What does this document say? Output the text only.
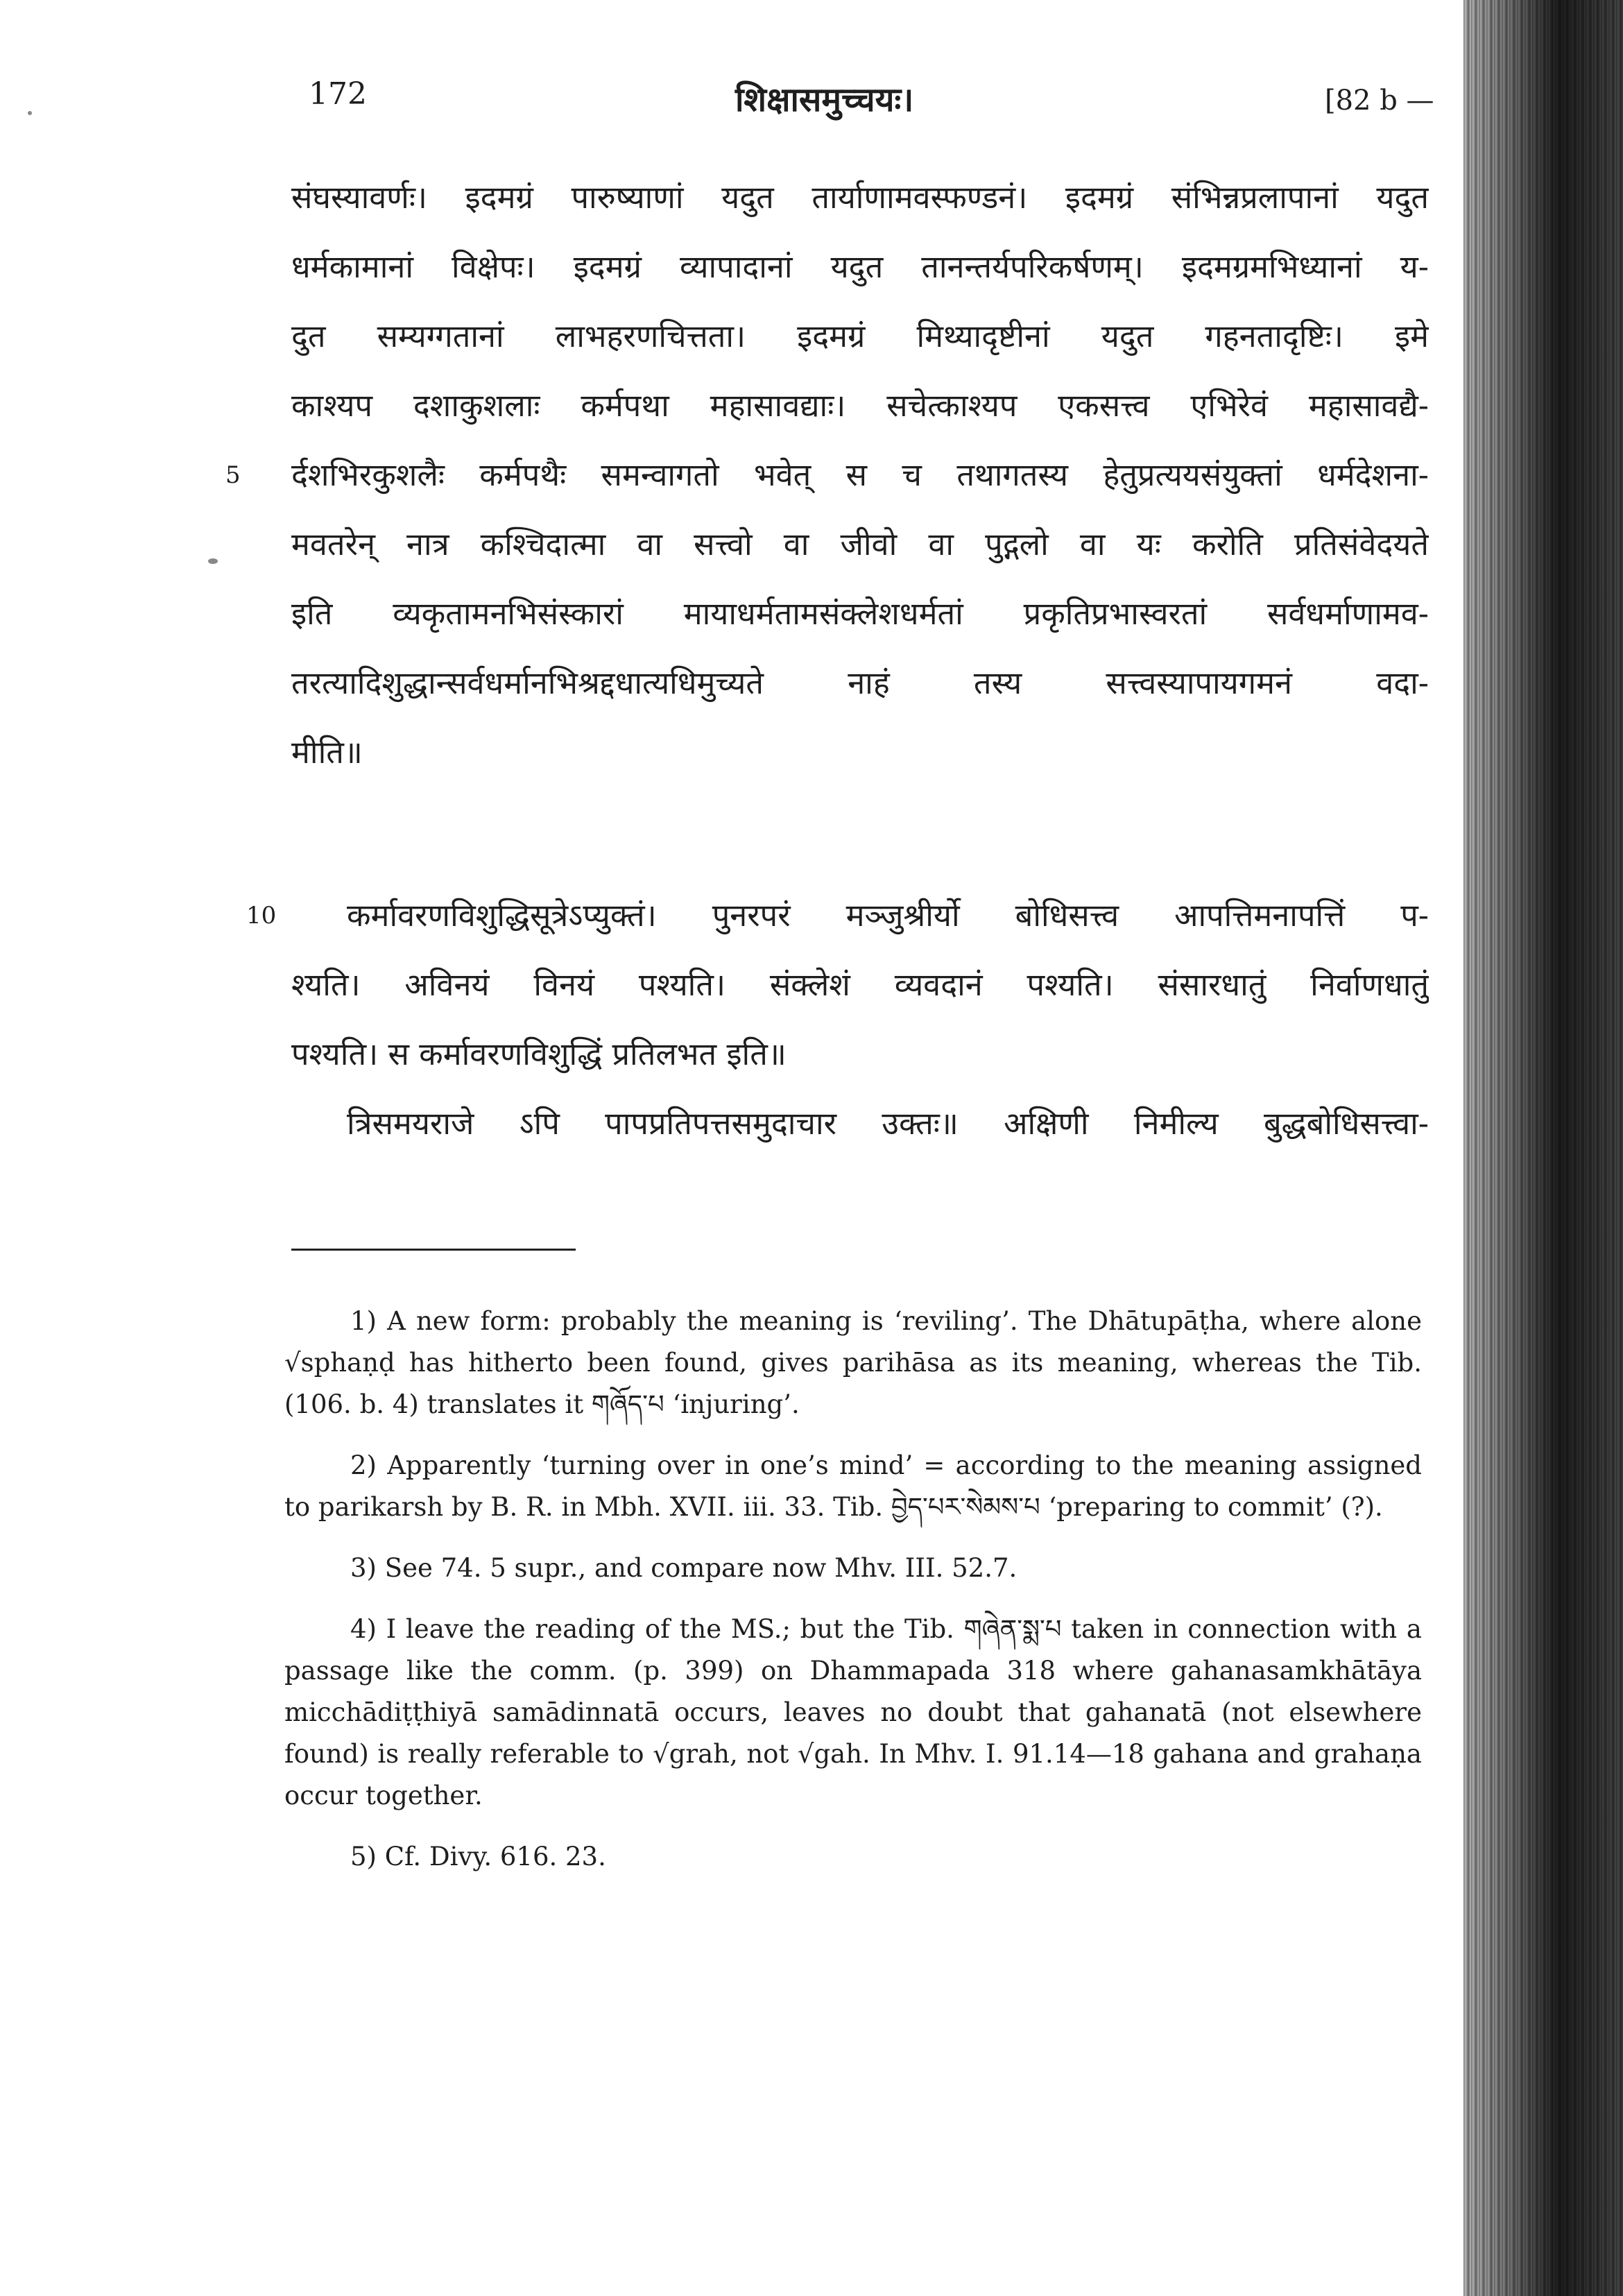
172	शिक्षासमुच्चयः।	[82 b —
संघस्यावर्णः। इदमग्रं पारुष्याणां यदुत तार्याणामवस्फण्डनं। इदमग्रं संभिन्नप्रलापानां यदुत
धर्मकामानां विक्षेपः। इदमग्रं व्यापादानां यदुत तानन्तर्यपरिकर्षणम्। इदमग्रमभिध्यानां य-
दुत सम्यग्गतानां लाभहरणचित्तता। इदमग्रं मिथ्यादृष्टीनां यदुत गहनतादृष्टिः। इमे
काश्यप दशाकुशलाः कर्मपथा महासावद्याः। सचेत्काश्यप एकसत्त्व एभिरेवं महासावद्यै-
5 र्दशभिरकुशलैः कर्मपथैः समन्वागतो भवेत् स च तथागतस्य हेतुप्रत्ययसंयुक्तां धर्मदेशना-
मवतरेन् नात्र कश्चिदात्मा वा सत्त्वो वा जीवो वा पुद्गलो वा यः करोति प्रतिसंवेदयते
इति व्यकृतामनभिसंस्कारां मायाधर्मतामसंक्लेशधर्मतां प्रकृतिप्रभास्वरतां सर्वधर्माणामव-
तरत्यादिशुद्धान्सर्वधर्मानभिश्रद्दधात्यधिमुच्यते नाहं तस्य सत्त्वस्यापायगमनं वदा-
मीति॥
10	कर्मावरणविशुद्धिसूत्रेऽप्युक्तं। पुनरपरं मञ्जुश्रीर्यो बोधिसत्त्व आपत्तिमनापत्तिं प-
श्यति। अविनयं विनयं पश्यति। संक्लेशं व्यवदानं पश्यति। संसारधातुं निर्वाणधातुं
पश्यति। स कर्मावरणविशुद्धिं प्रतिलभत इति॥
त्रिसमयराजे ऽपि पापप्रतिपत्तसमुदाचार उक्तः॥ अक्षिणी निमील्य बुद्धबोधिसत्त्वा-

1) A new form: probably the meaning is ‘reviling’. The Dhātupāṭha, where alone √sphaṇḍ has hitherto been found, gives parihāsa as its meaning, whereas the Tib. (106. b. 4) translates it གཞོད་པ ‘injuring’.

2) Apparently ‘turning over in one’s mind’ = according to the meaning assigned to parikarsh by B. R. in Mbh. XVII. iii. 33. Tib. བྱེད་པར་སེམས་པ ‘preparing to commit’ (?).

3) See 74. 5 supr., and compare now Mhv. III. 52.7.

4) I leave the reading of the MS.; but the Tib. གཞེན་སྨ་པ taken in connection with a passage like the comm. (p. 399) on Dhammapada 318 where gahanasamkhātāya micchādiṭṭhiyā samādinnatā occurs, leaves no doubt that gahanatā (not elsewhere found) is really referable to √grah, not √gah. In Mhv. I. 91.14—18 gahana and grahaṇa occur together.

5) Cf. Divy. 616. 23.
